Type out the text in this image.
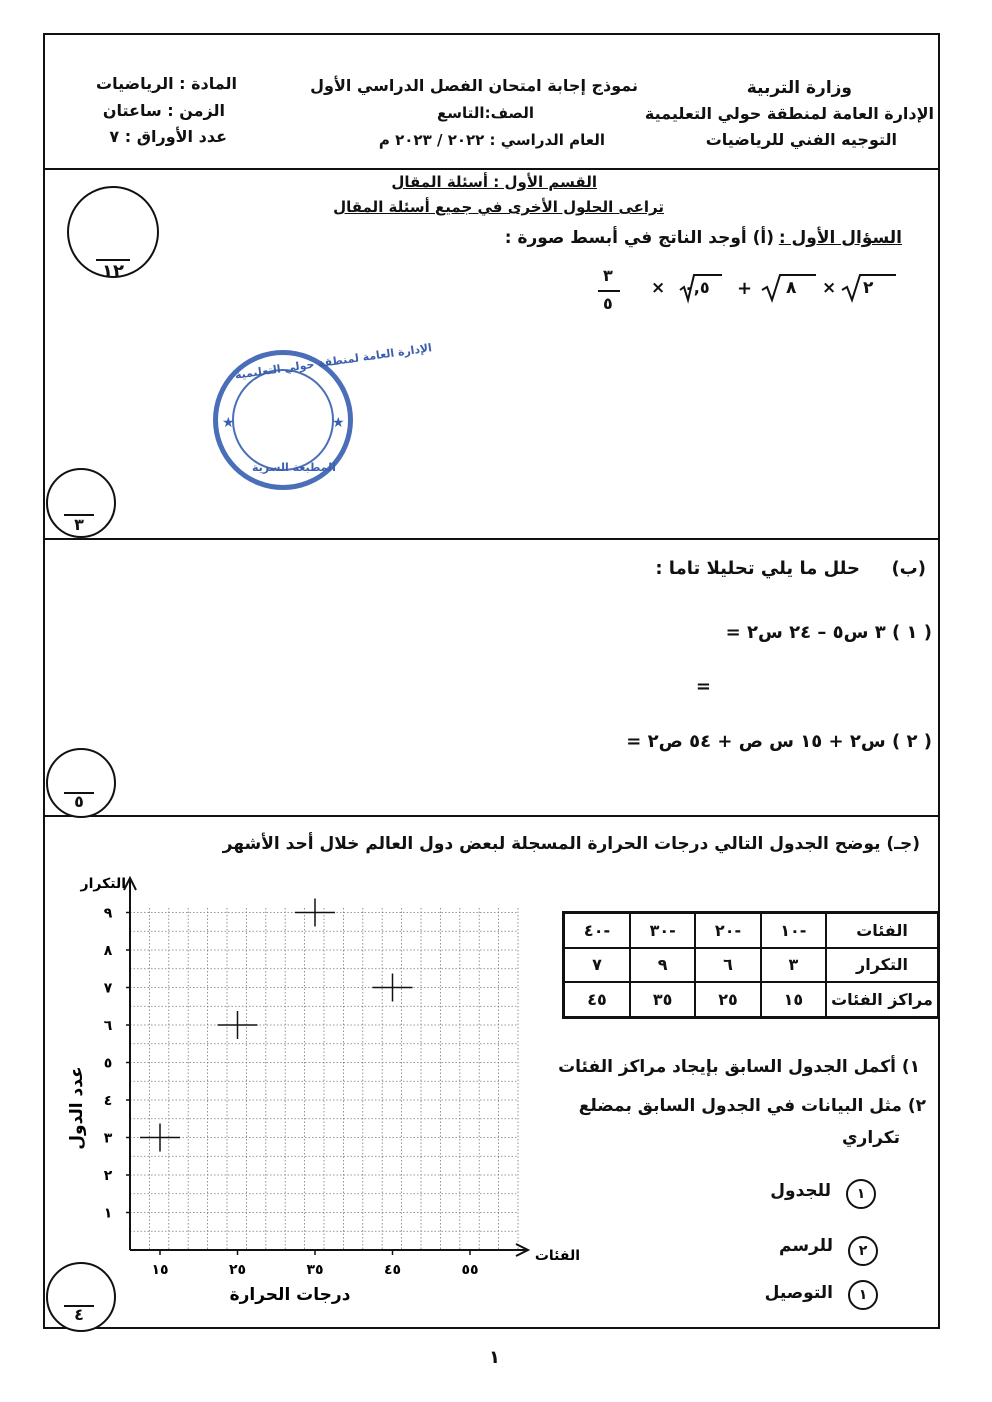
وزارة التربية
الإدارة العامة لمنطقة حولي التعليمية
التوجيه الفني للرياضيات
نموذج إجابة امتحان الفصل الدراسي الأول
الصف:التاسع
العام الدراسي : ٢٠٢٢ / ٢٠٢٣ م
المادة : الرياضيات
الزمن : ساعتان
عدد الأوراق : ٧
القسم الأول : أسئلة المقال
تراعى الحلول الأخرى في جميع أسئلة المقال
السؤال الأول :
(أ) أوجد الناتج في أبسط صورة :
٢
×
٨
+
٠,٥
×
٣
٥
١٢
الإدارة العامة لمنطقة حولي التعليمية
المطبعة السرية
★	★
٣
(ب)
حلل ما يلي تحليلا تاما :
( ١ ) ٣ س٥ – ٢٤ س٢ =
=
( ٢ ) س٢ + ١٥ س ص + ٥٤ ص٢ =
٥
(جـ) يوضح الجدول التالي درجات الحرارة المسجلة لبعض دول العالم خلال أحد الأشهر
الفئات	-١٠	-٢٠	-٣٠	-٤٠
التكرار	٣	٦	٩	٧
مراكز الفئات	١٥	٢٥	٣٥	٤٥
١) أكمل الجدول السابق بإيجاد مراكز الفئات
٢) مثل البيانات في الجدول السابق بمضلع
تكراري
١
للجدول
٢
للرسم
١
التوصيل
١
٢
٣
٤
٥
٦
٧
٨
٩
١٥	٢٥	٣٥	٤٥	٥٥
التكرار
الفئات
درجات الحرارة
عدد الدول
٤
١
